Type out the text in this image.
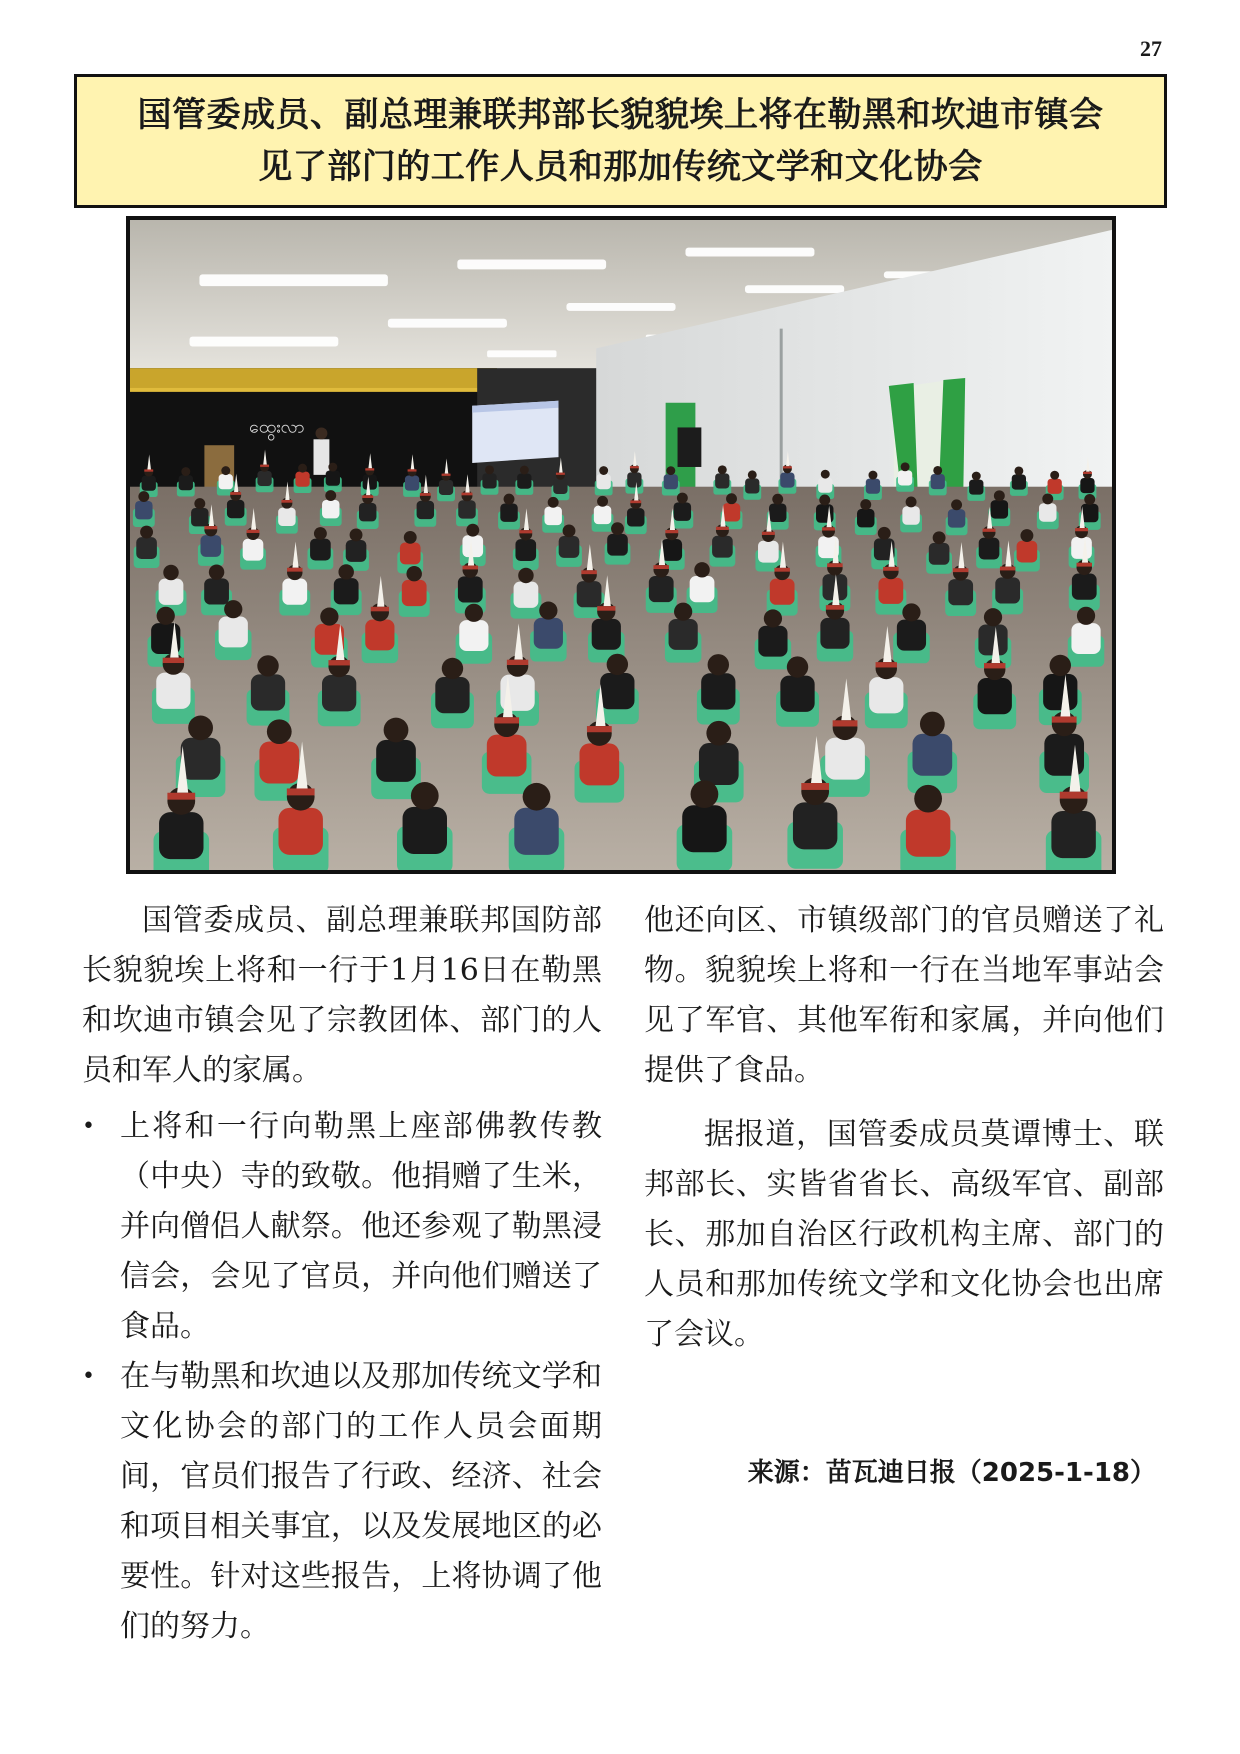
27
国管委成员、副总理兼联邦部长貌貌埃上将在勒黑和坎迪市镇会
见了部门的工作人员和那加传统文学和文化协会
ထွေးလာ

国管委成员、副总理兼联邦国防部长貌貌埃上将和一行于1月16日在勒黑和坎迪市镇会见了宗教团体、部门的人员和军人的家属。

• 上将和一行向勒黑上座部佛教传教（中央）寺的致敬。他捐赠了生米，并向僧侣人献祭。他还参观了勒黑浸信会，会见了官员，并向他们赠送了食品。
• 在与勒黑和坎迪以及那加传统文学和文化协会的部门的工作人员会面期间，官员们报告了行政、经济、社会和项目相关事宜，以及发展地区的必要性。针对这些报告，上将协调了他们的努力。

他还向区、市镇级部门的官员赠送了礼物。貌貌埃上将和一行在当地军事站会见了军官、其他军衔和家属，并向他们提供了食品。

据报道，国管委成员莫谭博士、联邦部长、实皆省省长、高级军官、副部长、那加自治区行政机构主席、部门的人员和那加传统文学和文化协会也出席了会议。

来源：苗瓦迪日报（2025-1-18）
